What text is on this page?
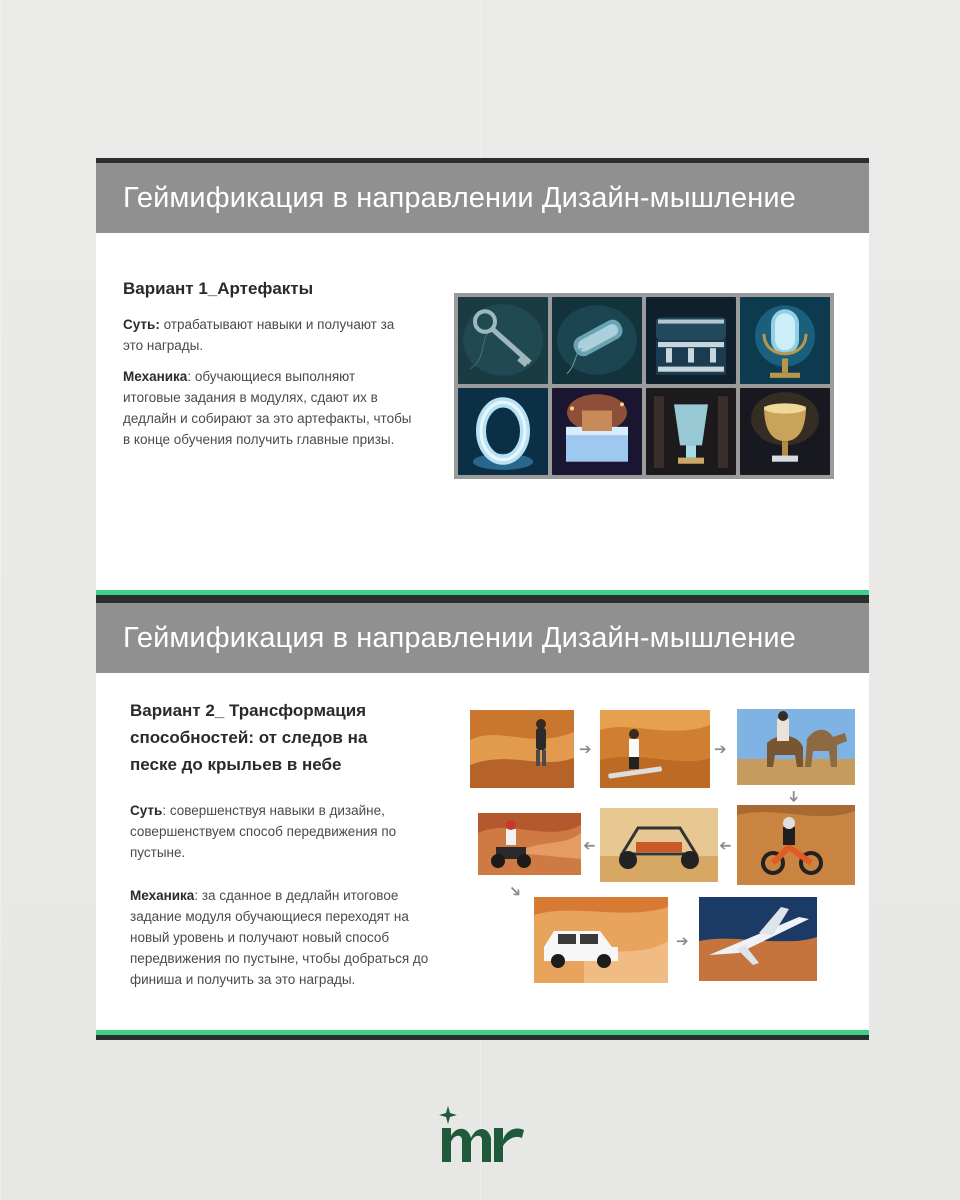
Геймификация в направлении Дизайн-мышление
Вариант 1_Артефакты

Суть: отрабатывают навыки и получают за это награды.

Механика: обучающиеся выполняют итоговые задания в модулях, сдают их в дедлайн и собирают за это артефакты, чтобы в конце обучения получить главные призы.

Геймификация в направлении Дизайн-мышление
Вариант 2_ Трансформация
способностей: от следов на
песке до крыльев в небе

Суть: совершенствуя навыки в дизайне, совершенствуем способ передвижения по пустыне.

Механика: за сданное в дедлайн итоговое задание модуля обучающиеся переходят на новый уровень и получают новый способ передвижения по пустыне, чтобы добраться до финиша и получить за это награды.

➔	➔
➔
➔
➔
➔
➔
